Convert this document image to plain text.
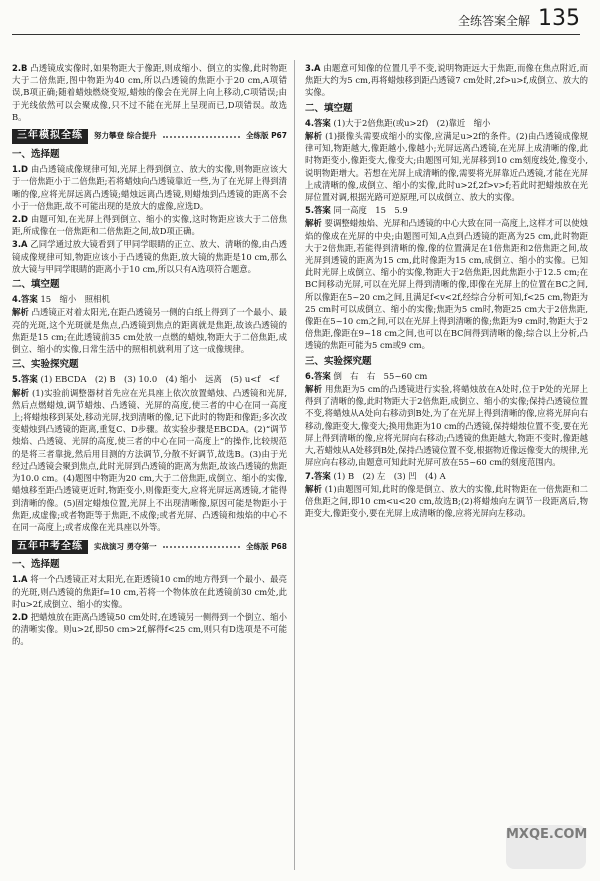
全练答案全解 135
2.B 凸透镜成实像时,如果物距大于像距,则成缩小、倒立的实像,此时物距大于二倍焦距,图中物距为40 cm,所以凸透镜的焦距小于20 cm,A项错误,B项正确;随着蜡烛燃烧变短,蜡烛的像会在光屏上向上移动,C项错误;由于光线依然可以会聚成像,只不过不能在光屏上呈现而已,D项错误。故选B。
三年模拟全练	努力攀登 综合提升	全练版 P67
一、选择题
1.D 由凸透镜成像规律可知,光屏上得到倒立、放大的实像,则物距应该大于一倍焦距小于二倍焦距;若将蜡烛向凸透镜靠近一些,为了在光屏上得到清晰的像,应将光屏远离凸透镜;蜡烛远离凸透镜,则蜡烛到凸透镜的距离不会小于一倍焦距,故不可能出现的是放大的虚像,应选D。
2.D 由题可知,在光屏上得到倒立、缩小的实像,这时物距应该大于二倍焦距,所成像在一倍焦距和二倍焦距之间,故D项正确。
3.A 乙同学通过放大镜看到了甲同学眼睛的正立、放大、清晰的像,由凸透镜成像规律可知,物距应该小于凸透镜的焦距,放大镜的焦距是10 cm,那么放大镜与甲同学眼睛的距离小于10 cm,所以只有A选项符合题意。
二、填空题
4.答案 15　缩小　照相机
解析 凸透镜正对着太阳光,在距凸透镜另一侧的白纸上得到了一个最小、最亮的光斑,这个光斑就是焦点,凸透镜到焦点的距离就是焦距,故该凸透镜的焦距是15 cm;在此透镜前35 cm处放一点燃的蜡烛,物距大于二倍焦距,成倒立、缩小的实像,日常生活中的照相机就利用了这一成像规律。
三、实验探究题
5.答案 (1) EBCDA　(2) B　(3) 10.0　(4) 缩小　远离　(5) u<f　<f
解析 (1)实验前调整器材首先应在光具座上依次放置蜡烛、凸透镜和光屏,然后点燃蜡烛,调节蜡烛、凸透镜、光屏的高度,使三者的中心在同一高度上;将蜡烛移到某处,移动光屏,找到清晰的像,记下此时的物距和像距;多次改变蜡烛到凸透镜的距离,重复C、D步骤。故实验步骤是EBCDA。(2)“调节烛焰、凸透镜、光屏的高度,使三者的中心在同一高度上”的操作,比较规范的是将三者靠拢,然后用目测的方法调节,分散不好调节,故选B。(3)由于光经过凸透镜会聚到焦点,此时光屏到凸透镜的距离为焦距,故该凸透镜的焦距为10.0 cm。(4)题图中物距为20 cm,大于二倍焦距,成倒立、缩小的实像,蜡烛移至距凸透镜更近时,物距变小,则像距变大,应将光屏远离透镜,才能得到清晰的像。(5)固定蜡烛位置,光屏上不出现清晰像,原因可能是物距小于焦距,成虚像;或者物距等于焦距,不成像;或者光屏、凸透镜和烛焰的中心不在同一高度上;或者成像在光具座以外等。
五年中考全练	实战演习 勇夺第一	全练版 P68
一、选择题
1.A 将一个凸透镜正对太阳光,在距透镜10 cm的地方得到一个最小、最亮的光斑,则凸透镜的焦距f=10 cm,若将一个物体放在此透镜前30 cm处,此时u>2f,成倒立、缩小的实像。
2.D 把蜡烛放在距离凸透镜50 cm处时,在透镜另一侧得到一个倒立、缩小的清晰实像。则u>2f,即50 cm>2f,解得f<25 cm,则只有D选项是不可能的。
3.A 由题意可知像的位置几乎不变,说明物距远大于焦距,而像在焦点附近,而焦距大约为5 cm,再将蜡烛移到距凸透镜7 cm处时,2f>u>f,成倒立、放大的实像。
二、填空题
4.答案 (1)大于2倍焦距(或u>2f)　(2)靠近　缩小
解析 (1)摄像头需要成缩小的实像,应满足u>2f的条件。(2)由凸透镜成像规律可知,物距越大,像距越小,像越小;光屏远离凸透镜,在光屏上成清晰的像,此时物距变小,像距变大,像变大;由题图可知,光屏移到10 cm刻度线处,像变小,说明物距增大。若想在光屏上成清晰的像,需要将光屏靠近凸透镜,才能在光屏上成清晰的像,成倒立、缩小的实像,此时u>2f,2f>v>f;若此时把蜡烛放在光屏位置对调,根据光路可逆原理,可以成倒立、放大的实像。
5.答案 同一高度　15　5.9
解析 要调整蜡烛焰、光屏和凸透镜的中心大致在同一高度上,这样才可以使烛焰的像成在光屏的中央;由题图可知,A点到凸透镜的距离为25 cm,此时物距大于2倍焦距,若能得到清晰的像,像的位置满足在1倍焦距和2倍焦距之间,故光屏到透镜的距离为15 cm,此时像距为15 cm,成倒立、缩小的实像。已知此时光屏上成倒立、缩小的实像,物距大于2倍焦距,因此焦距小于12.5 cm;在BC间移动光屏,可以在光屏上得到清晰的像,即像在光屏上的位置在BC之间,所以像距在5~20 cm之间,且满足f<v<2f,经综合分析可知,f<25 cm,物距为25 cm时可以成倒立、缩小的实像;焦距为5 cm时,物距25 cm大于2倍焦距,像距在5~10 cm之间,可以在光屏上得到清晰的像;焦距为9 cm时,物距大于2倍焦距,像距在9~18 cm之间,也可以在BC间得到清晰的像;综合以上分析,凸透镜的焦距可能为5 cm或9 cm。
三、实验探究题
6.答案 倒　右　右　55~60 cm
解析 用焦距为5 cm的凸透镜进行实验,将蜡烛放在A处时,位于P处的光屏上得到了清晰的像,此时物距大于2倍焦距,成倒立、缩小的实像;保持凸透镜位置不变,将蜡烛从A处向右移动到B处,为了在光屏上得到清晰的像,应将光屏向右移动,像距变大,像变大;换用焦距为10 cm的凸透镜,保持蜡烛位置不变,要在光屏上得到清晰的像,应将光屏向右移动;凸透镜的焦距越大,物距不变时,像距越大,若蜡烛从A处移到B处,保持凸透镜位置不变,根据物近像远像变大的规律,光屏应向右移动,由题意可知此时光屏可放在55~60 cm的刻度范围内。
7.答案 (1) B　(2) 左　(3) 凹　(4) A
解析 (1)由题图可知,此时的像是倒立、放大的实像,此时物距在一倍焦距和二倍焦距之间,即10 cm<u<20 cm,故选B;(2)将蜡烛向左调节一段距离后,物距变大,像距变小,要在光屏上成清晰的像,应将光屏向左移动。
MXQE.COM
